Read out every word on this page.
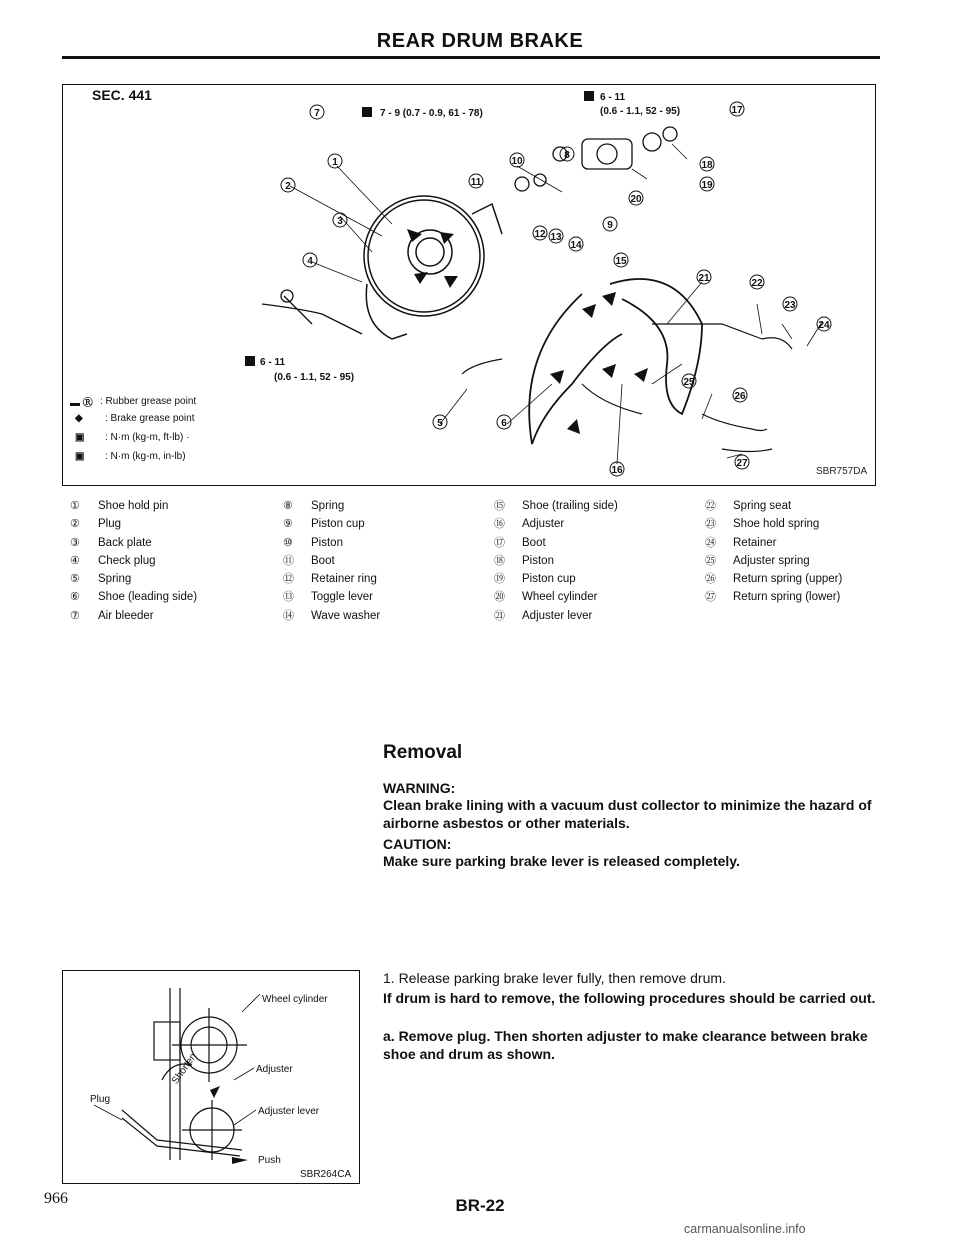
REAR DRUM BRAKE
SEC. 441	6 - 11
(0.6 - 1.1, 52 - 95)
7 - 9 (0.7 - 0.9, 61 - 78)
6 - 11
(0.6 - 1.1, 52 - 95)
1
2
3
4
5	6
7
8
9
10
11
12 13
14
15
16
17
18
19
20
21	22
23
24
25
26
27
SBR757DA
▬ Ⓡ : Rubber grease point
◆	: Brake grease point
▣	: N·m (kg-m, ft-lb) ·
▣	: N·m (kg-m, in-lb)
①	Shoe hold pin
②	Plug
③	Back plate
④	Check plug
⑤	Spring
⑥	Shoe (leading side)
⑦	Air bleeder
⑧	Spring
⑨	Piston cup
⑩	Piston
⑪	Boot
⑫	Retainer ring
⑬	Toggle lever
⑭	Wave washer
⑮	Shoe (trailing side)
⑯	Adjuster
⑰	Boot
⑱	Piston
⑲	Piston cup
⑳	Wheel cylinder
㉑	Adjuster lever
㉒	Spring seat
㉓	Shoe hold spring
㉔	Retainer
㉕	Adjuster spring
㉖	Return spring (upper)
㉗	Return spring (lower)
Removal
WARNING:
Clean brake lining with a vacuum dust collector to minimize the hazard of airborne asbestos or other materials.
CAUTION:
Make sure parking brake lever is released completely.
1. Release parking brake lever fully, then remove drum.
If drum is hard to remove, the following procedures should be carried out.
a. Remove plug. Then shorten adjuster to make clearance between brake shoe and drum as shown.
Wheel cylinder
Adjuster
Adjuster lever
Plug
Shorten
Push
SBR264CA
966	BR-22
carmanualsonline.info
